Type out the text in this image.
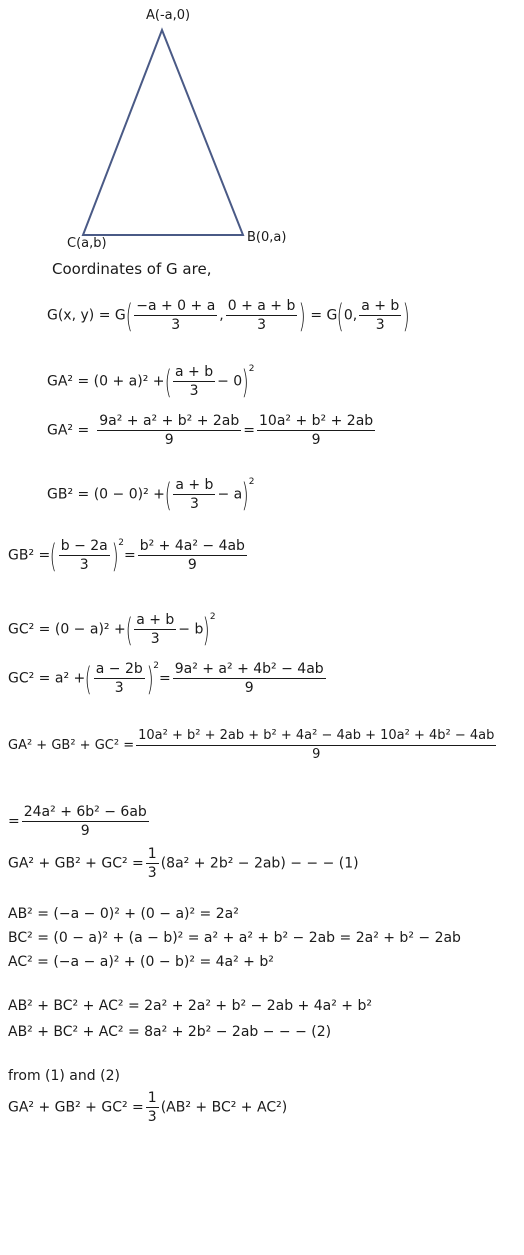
A(-a,0)
B(0,a)
C(a,b)
Coordinates of G are,
G(x, $y) = G( \frac{-a + 0 + a}{3}$ , $\frac{0 + a + b}{3}$ ) = G(0, $\frac{a + b}{3}$ )
GA² = (0 + a)² +( $\frac{a + b}{3} - 0)^2$
$GA^2 = \frac{\text{9a² + a² + b² + 2ab}}{9} = \frac{\text{10a² + b² + 2ab}}{9}$
GB² = (0 − 0)² +( $\frac{a + b}{3} - a)^2$
GB² =( $\frac{b - 2a}{3} )^2= \frac{\text{b² + 4a² − 4ab}}{9}$
GC² = (0 − a)² +( $\frac{a + b}{3} - b)^2$
GC² = a² +( $\frac{a - 2b}{3} )^2= \frac{\text{9a² + a² + 4b² − 4ab}}{9}$
$GA^2 + GB^2 + GC^2 = \frac{\text{10a² + b² + 2ab + b² + 4a² − 4ab + 10a² + 4b² − 4ab}}{9}$
= $\frac{\text{24a² + 6b² − 6ab}}{9}$
$GA^2 + GB^2 + GC^2 = \frac{1}{3} (8a^2 + 2b^2 - 2ab)$ − − − (1)
AB² = (−a − 0)² + (0 − a)² = 2a²
BC² = (0 − a)² + (a − b)² = a² + a² + b² − 2ab = 2a² + b² − 2ab
AC² = (−a − a)² + (0 − b)² = 4a² + b²
AB² + BC² + AC² = 2a² + 2a² + b² − 2ab + 4a² + b²
AB² + BC² + AC² = 8a² + 2b² − 2ab − − − (2)
from (1) and (2)
$GA^2 + GB^2 + GC^2 = \frac{1}{3} (AB^2 + BC^2 + AC^2)$
